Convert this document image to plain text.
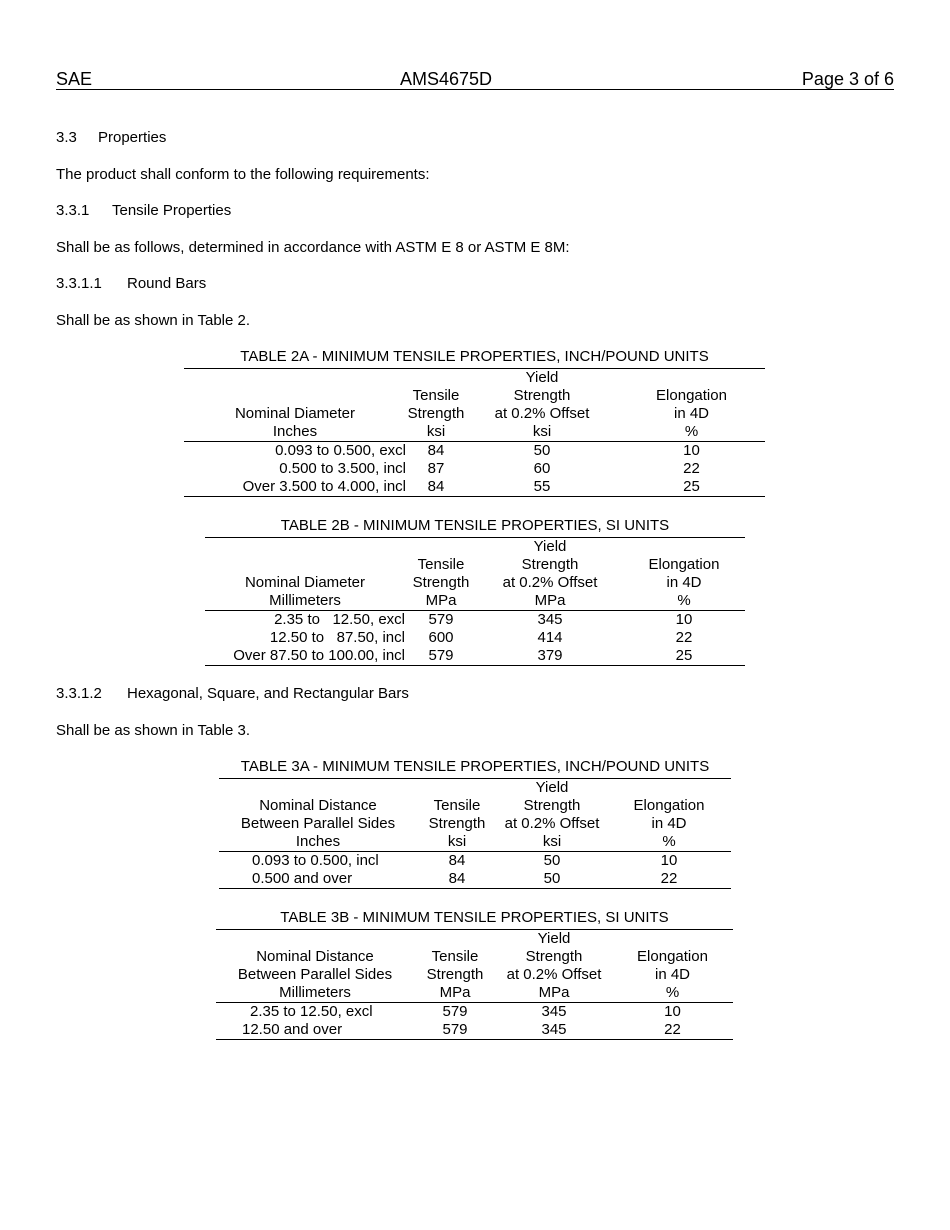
SAE	AMS4675D	Page 3 of 6
3.3 Properties
The product shall conform to the following requirements:
3.3.1 Tensile Properties
Shall be as follows, determined in accordance with ASTM E 8 or ASTM E 8M:
3.3.1.1 Round Bars
Shall be as shown in Table 2.
TABLE 2A - MINIMUM TENSILE PROPERTIES, INCH/POUND UNITS
		Yield	
	Tensile	Strength	Elongation
Nominal Diameter	Strength	at 0.2% Offset	in 4D
Inches	ksi	ksi	%
0.093 to 0.500, excl	84	50	10
0.500 to 3.500, incl	87	60	22
Over 3.500 to 4.000, incl	84	55	25
TABLE 2B - MINIMUM TENSILE PROPERTIES, SI UNITS
		Yield	
	Tensile	Strength	Elongation
Nominal Diameter	Strength	at 0.2% Offset	in 4D
Millimeters	MPa	MPa	%
2.35 to   12.50, excl	579	345	10
12.50 to   87.50, incl	600	414	22
Over 87.50 to 100.00, incl	579	379	25
3.3.1.2 Hexagonal, Square, and Rectangular Bars
Shall be as shown in Table 3.
TABLE 3A - MINIMUM TENSILE PROPERTIES, INCH/POUND UNITS
		Yield	
Nominal Distance	Tensile	Strength	Elongation
Between Parallel Sides	Strength	at 0.2% Offset	in 4D
Inches	ksi	ksi	%
0.093 to 0.500, incl	84	50	10
0.500 and over	84	50	22
TABLE 3B - MINIMUM TENSILE PROPERTIES, SI UNITS
		Yield	
Nominal Distance	Tensile	Strength	Elongation
Between Parallel Sides	Strength	at 0.2% Offset	in 4D
Millimeters	MPa	MPa	%
2.35 to 12.50, excl	579	345	10
12.50 and over	579	345	22
